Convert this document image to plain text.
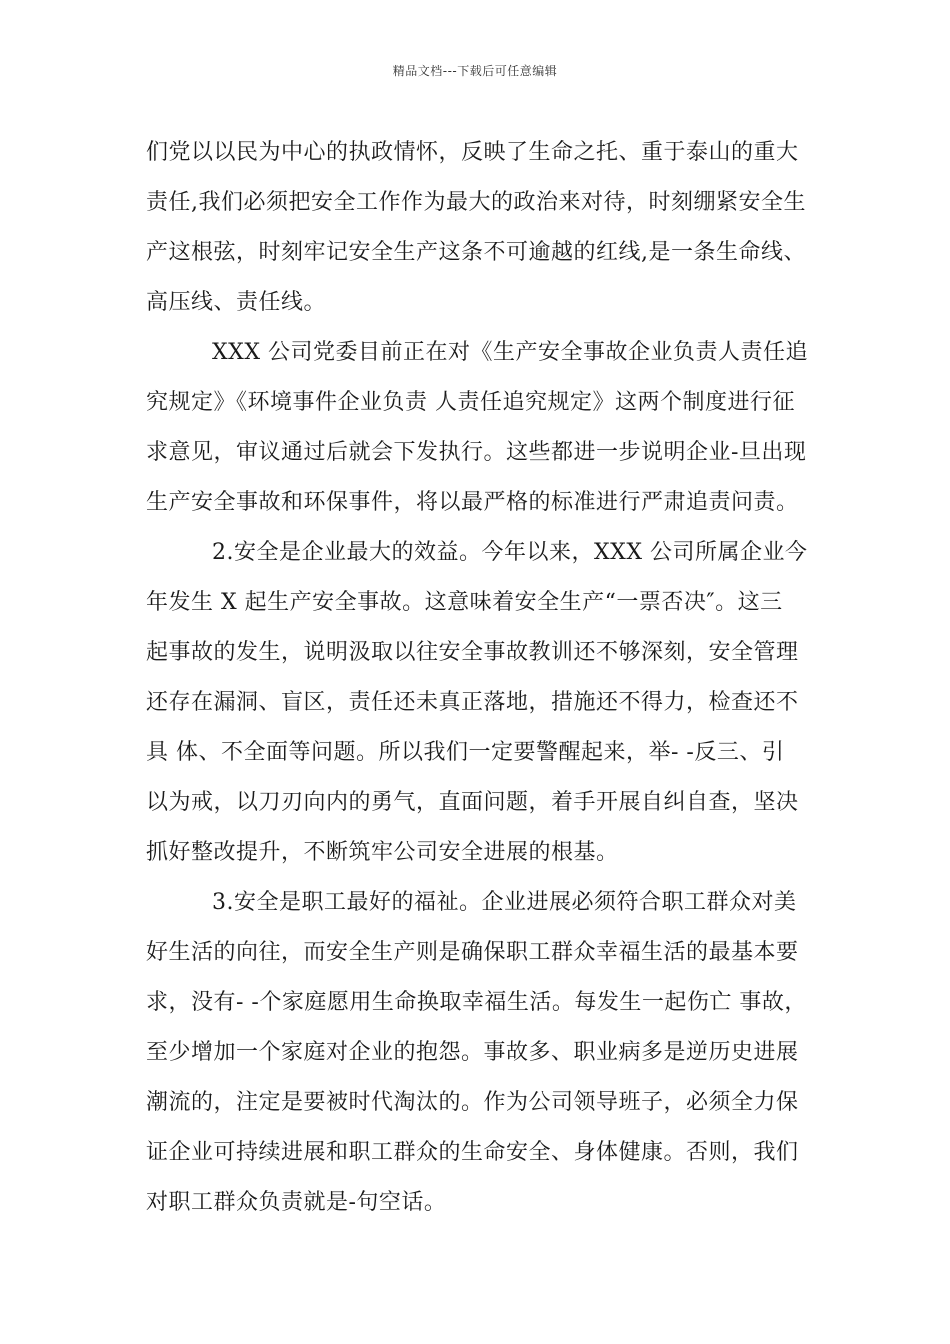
精品文档---下载后可任意编辑
们党以以民为中心的执政情怀，反映了生命之托、重于泰山的重大
责任,我们必须把安全工作作为最大的政治来对待，时刻绷紧安全生
产这根弦，时刻牢记安全生产这条不可逾越的红线,是一条生命线、
高压线、责任线。
XXX 公司党委目前正在对《生产安全事故企业负责人责任追
究规定》《环境事件企业负责 人责任追究规定》这两个制度进行征
求意见，审议通过后就会下发执行。这些都进一步说明企业-旦出现
生产安全事故和环保事件，将以最严格的标准进行严肃追责问责。
2.安全是企业最大的效益。今年以来，XXX 公司所属企业今
年发生 X 起生产安全事故。这意味着安全生产“一票否决″。这三
起事故的发生，说明汲取以往安全事故教训还不够深刻，安全管理
还存在漏洞、盲区，责任还未真正落地，措施还不得力，检查还不
具 体、不全面等问题。所以我们一定要警醒起来，举- -反三、引
以为戒，以刀刃向内的勇气，直面问题，着手开展自纠自查，坚决
抓好整改提升，不断筑牢公司安全进展的根基。
3.安全是职工最好的福祉。企业进展必须符合职工群众对美
好生活的向往，而安全生产则是确保职工群众幸福生活的最基本要
求，没有- -个家庭愿用生命换取幸福生活。每发生一起伤亡 事故，
至少增加一个家庭对企业的抱怨。事故多、职业病多是逆历史进展
潮流的，注定是要被时代淘汰的。作为公司领导班子，必须全力保
证企业可持续进展和职工群众的生命安全、身体健康。否则，我们
对职工群众负责就是-句空话。
